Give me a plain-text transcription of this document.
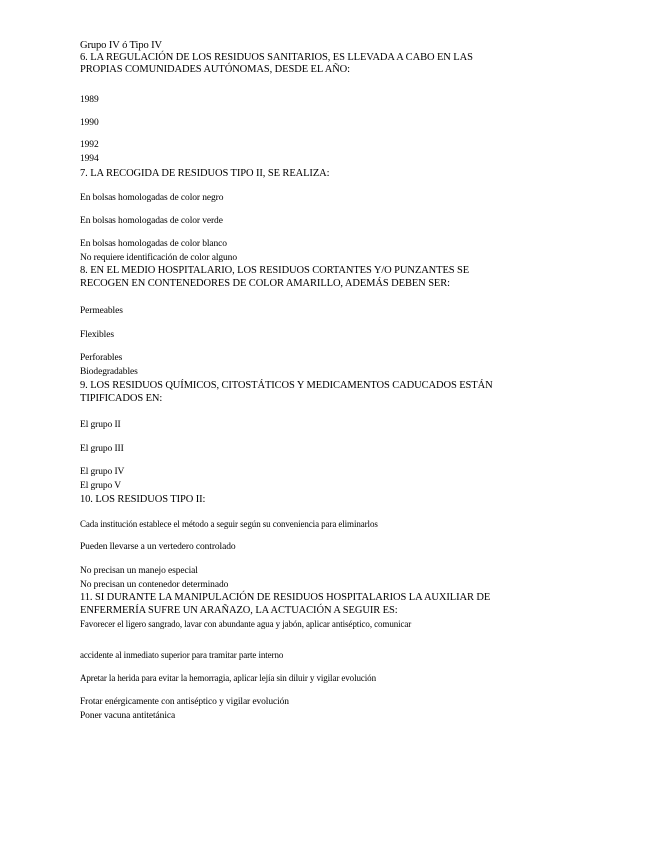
Grupo IV ó Tipo IV
6. LA REGULACIÓN DE LOS RESIDUOS SANITARIOS, ES LLEVADA A CABO EN LAS
PROPIAS COMUNIDADES AUTÓNOMAS, DESDE EL AÑO:
1989
1990
1992
1994
7. LA RECOGIDA DE RESIDUOS TIPO II, SE REALIZA:
En bolsas homologadas de color negro
En bolsas homologadas de color verde
En bolsas homologadas de color blanco
No requiere identificación de color alguno
8. EN EL MEDIO HOSPITALARIO, LOS RESIDUOS CORTANTES Y/O PUNZANTES SE
RECOGEN EN CONTENEDORES DE COLOR AMARILLO, ADEMÁS DEBEN SER:
Permeables
Flexibles
Perforables
Biodegradables
9. LOS RESIDUOS QUÍMICOS, CITOSTÁTICOS Y MEDICAMENTOS CADUCADOS ESTÁN
TIPIFICADOS EN:
El grupo II
El grupo III
El grupo IV
El grupo V
10. LOS RESIDUOS TIPO II:
Cada institución establece el método a seguir según su conveniencia para eliminarlos
Pueden llevarse a un vertedero controlado
No precisan un manejo especial
No precisan un contenedor determinado
11. SI DURANTE LA MANIPULACIÓN DE RESIDUOS HOSPITALARIOS LA AUXILIAR DE
ENFERMERÍA SUFRE UN ARAÑAZO, LA ACTUACIÓN A SEGUIR ES:
Favorecer el ligero sangrado, lavar con abundante agua y jabón, aplicar antiséptico, comunicar
accidente al inmediato superior para tramitar parte interno
Apretar la herida para evitar la hemorragia, aplicar lejía sin diluir y vigilar evolución
Frotar enérgicamente con antiséptico y vigilar evolución
Poner vacuna antitetánica
